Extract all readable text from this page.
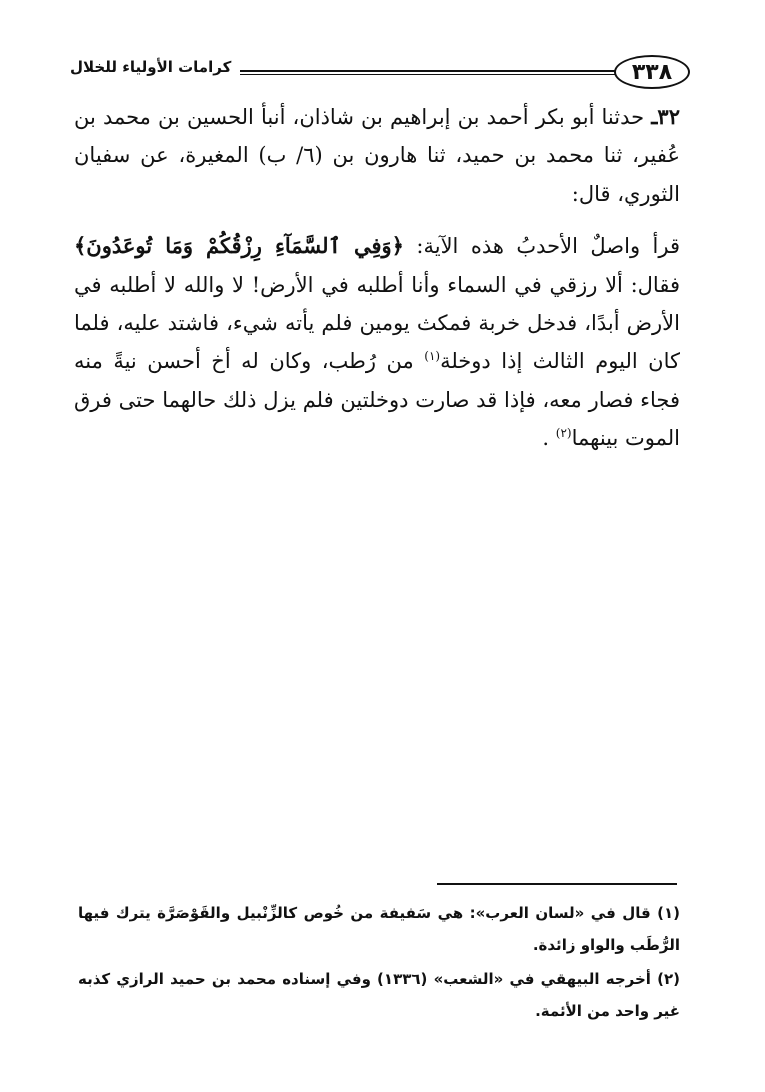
٣٣٨
كرامات الأولياء للخلال

٣٢ـ حدثنا أبو بكر أحمد بن إبراهيم بن شاذان، أنبأ الحسين بن محمد بن عُفير، ثنا محمد بن حميد، ثنا هارون بن (٦/ ب) المغيرة، عن سفيان الثوري، قال:

قرأ واصلٌ الأحدبُ هذه الآية: ﴿وَفِي ٱلسَّمَآءِ رِزْقُكُمْ وَمَا تُوعَدُونَ﴾ فقال: ألا رزقي في السماء وأنا أطلبه في الأرض! لا والله لا أطلبه في الأرض أبدًا، فدخل خربة فمكث يومين فلم يأته شيء، فاشتد عليه، فلما كان اليوم الثالث إذا دوخلة$^{(١)}$ من رُطب، وكان له أخ أحسن نيةً منه فجاء فصار معه، فإذا قد صارت دوخلتين فلم يزل ذلك حالهما حتى فرق الموت بينهما$^{(٢)}$ .

(١) قال في «لسان العرب»: هي سَفيفة من خُوص كالزِّنْبيل والقَوْصَرَّة يترك فيها الرُّطَب والواو زائدة.

(٢) أخرجه البيهقي في «الشعب» (١٣٣٦) وفي إسناده محمد بن حميد الرازي كذبه غير واحد من الأئمة.
